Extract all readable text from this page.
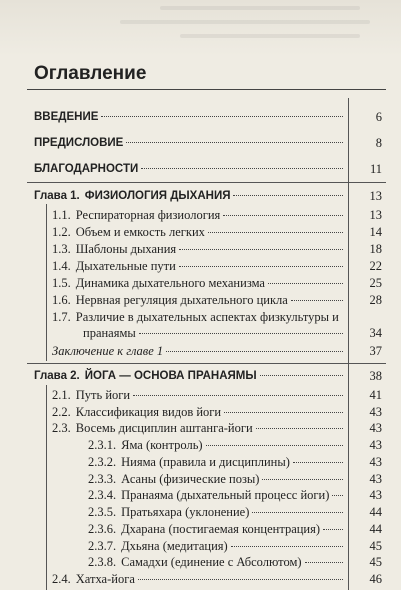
Оглавление
ВВЕДЕНИЕ	6
ПРЕДИСЛОВИЕ	8
БЛАГОДАРНОСТИ	11
Глава 1. ФИЗИОЛОГИЯ ДЫХАНИЯ	13
1.1. Респираторная физиология	13
1.2. Объем и емкость легких	14
1.3. Шаблоны дыхания	18
1.4. Дыхательные пути	22
1.5. Динамика дыхательного механизма	25
1.6. Нервная регуляция дыхательного цикла	28
1.7. Различие в дыхательных аспектах физкультуры и
пранаямы	34
Заключение к главе 1	37
Глава 2. ЙОГА — ОСНОВА ПРАНАЯМЫ	38
2.1. Путь йоги	41
2.2. Классификация видов йоги	43
2.3. Восемь дисциплин аштанга-йоги	43
2.3.1. Яма (контроль)	43
2.3.2. Нияма (правила и дисциплины)	43
2.3.3. Асаны (физические позы)	43
2.3.4. Пранаяма (дыхательный процесс йоги)	43
2.3.5. Пратьяхара (уклонение)	44
2.3.6. Дхарана (постигаемая концентрация)	44
2.3.7. Дхьяна (медитация)	45
2.3.8. Самадхи (единение с Абсолютом)	45
2.4. Хатха-йога	46
